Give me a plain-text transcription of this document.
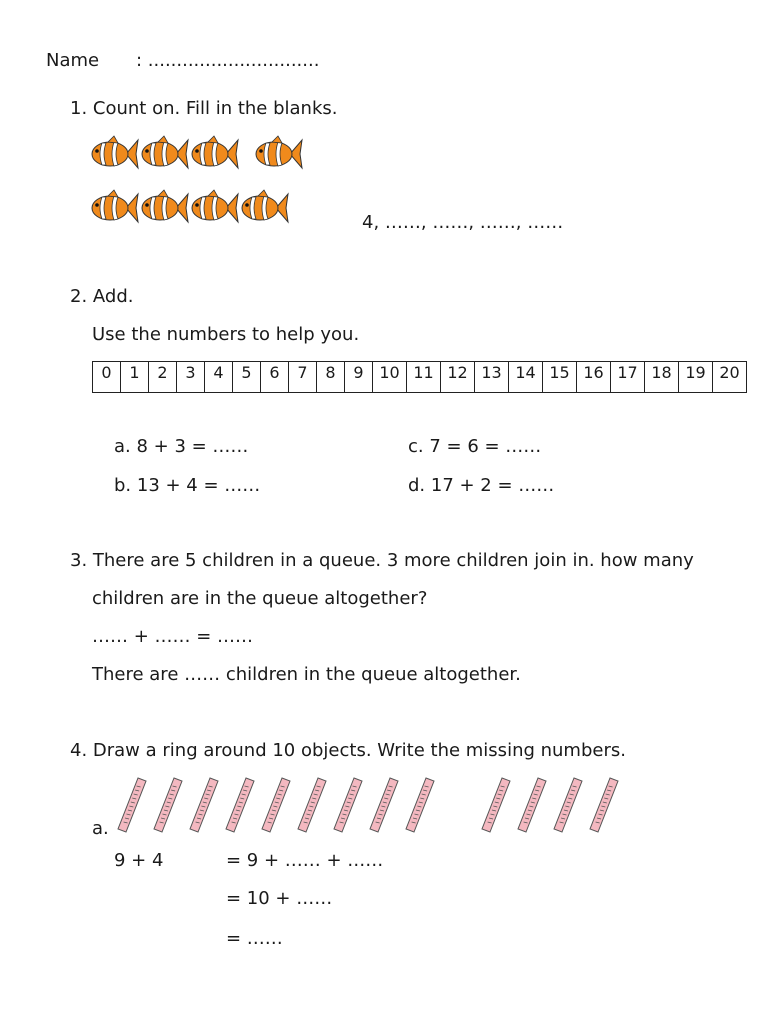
Name : ..............................
1. Count on. Fill in the blanks.
4, ……, ……, ……, ……
2. Add.
Use the numbers to help you.
0	1	2	3	4	5	6	7	8	9	10	11	12	13	14	15	16	17	18	19	20
a. 8 + 3 = ……
b. 13 + 4 = ……
c. 7 = 6 = ……
d. 17 + 2 = ……
3. There are 5 children in a queue. 3 more children join in. how many
children are in the queue altogether?
…… + …… = ……
There are …… children in the queue altogether.
4. Draw a ring around 10 objects. Write the missing numbers.
a.
9 + 4	= 9 + …… + ……
= 10 + ……
= ……
